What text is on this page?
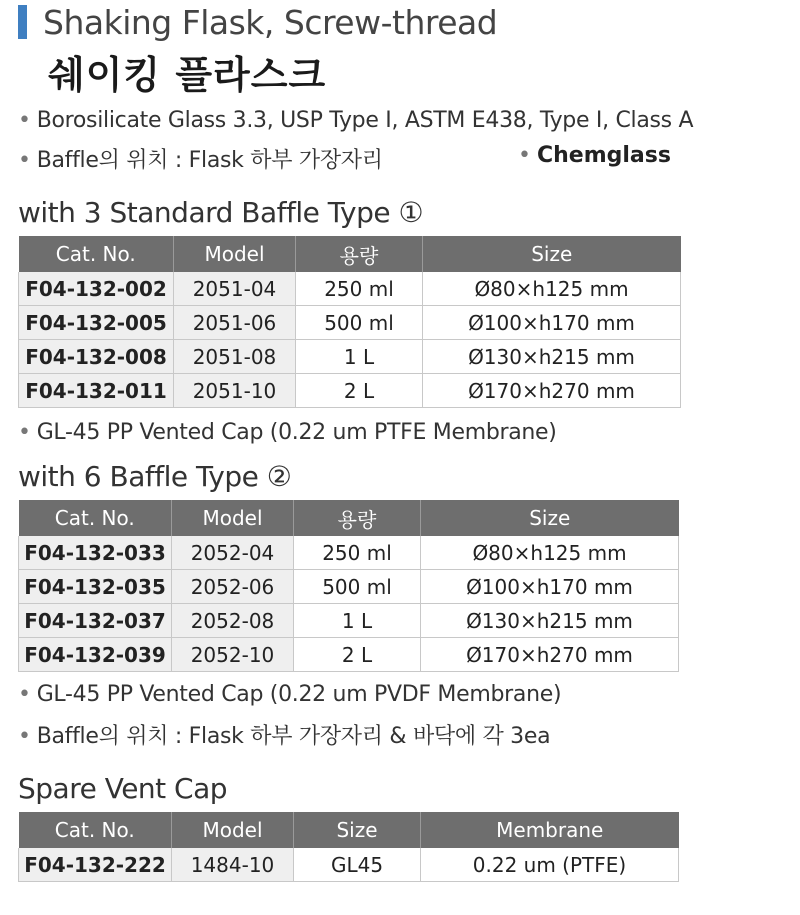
Shaking Flask, Screw-thread
쉐이킹 플라스크
• Borosilicate Glass 3.3, USP Type I, ASTM E438, Type I, Class A
• Baffle의 위치 : Flask 하부 가장자리	• Chemglass
with 3 Standard Baffle Type ①
Cat. No.	Model	용량	Size
F04-132-002	2051-04	250 ml	Ø80×h125 mm
F04-132-005	2051-06	500 ml	Ø100×h170 mm
F04-132-008	2051-08	1 L	Ø130×h215 mm
F04-132-011	2051-10	2 L	Ø170×h270 mm
• GL-45 PP Vented Cap (0.22 um PTFE Membrane)
with 6 Baffle Type ②
Cat. No.	Model	용량	Size
F04-132-033	2052-04	250 ml	Ø80×h125 mm
F04-132-035	2052-06	500 ml	Ø100×h170 mm
F04-132-037	2052-08	1 L	Ø130×h215 mm
F04-132-039	2052-10	2 L	Ø170×h270 mm
• GL-45 PP Vented Cap (0.22 um PVDF Membrane)
• Baffle의 위치 : Flask 하부 가장자리 & 바닥에 각 3ea
Spare Vent Cap
Cat. No.	Model	Size	Membrane
F04-132-222	1484-10	GL45	0.22 um (PTFE)
